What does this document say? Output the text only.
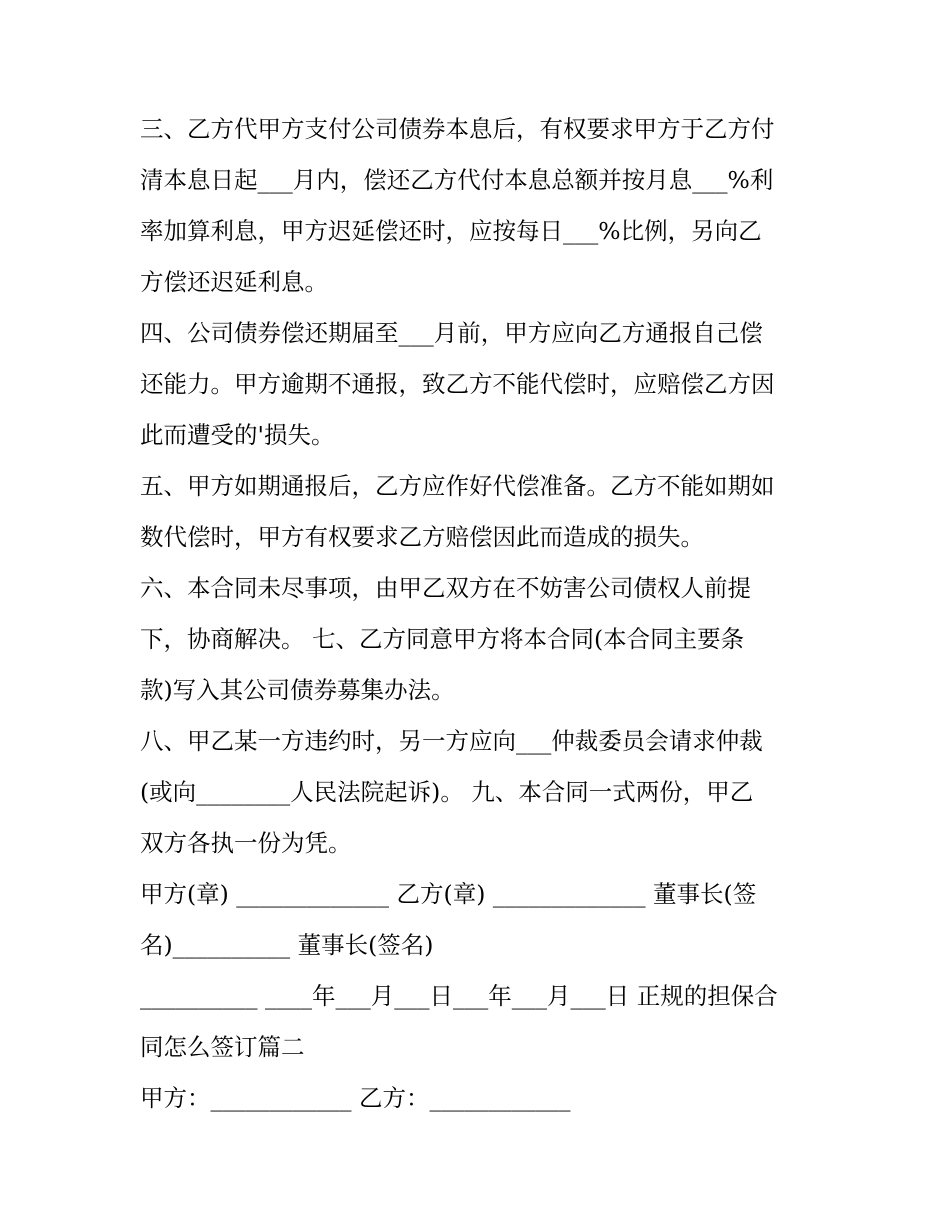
三、乙方代甲方支付公司债券本息后，有权要求甲方于乙方付
清本息日起___月内，偿还乙方代付本息总额并按月息___%利
率加算利息，甲方迟延偿还时，应按每日___%比例，另向乙
方偿还迟延利息。
四、公司债券偿还期届至___月前，甲方应向乙方通报自己偿
还能力。甲方逾期不通报，致乙方不能代偿时，应赔偿乙方因
此而遭受的'损失。
五、甲方如期通报后，乙方应作好代偿准备。乙方不能如期如
数代偿时，甲方有权要求乙方赔偿因此而造成的损失。
六、本合同未尽事项，由甲乙双方在不妨害公司债权人前提
下，协商解决。 七、乙方同意甲方将本合同(本合同主要条
款)写入其公司债券募集办法。
八、甲乙某一方违约时，另一方应向___仲裁委员会请求仲裁
(或向________人民法院起诉)。 九、本合同一式两份，甲乙
双方各执一份为凭。
甲方(章) _____________ 乙方(章) _____________ 董事长(签
名)__________ 董事长(签名)
__________ ____年___月___日___年___月___日 正规的担保合
同怎么签订篇二
甲方：____________ 乙方：____________
